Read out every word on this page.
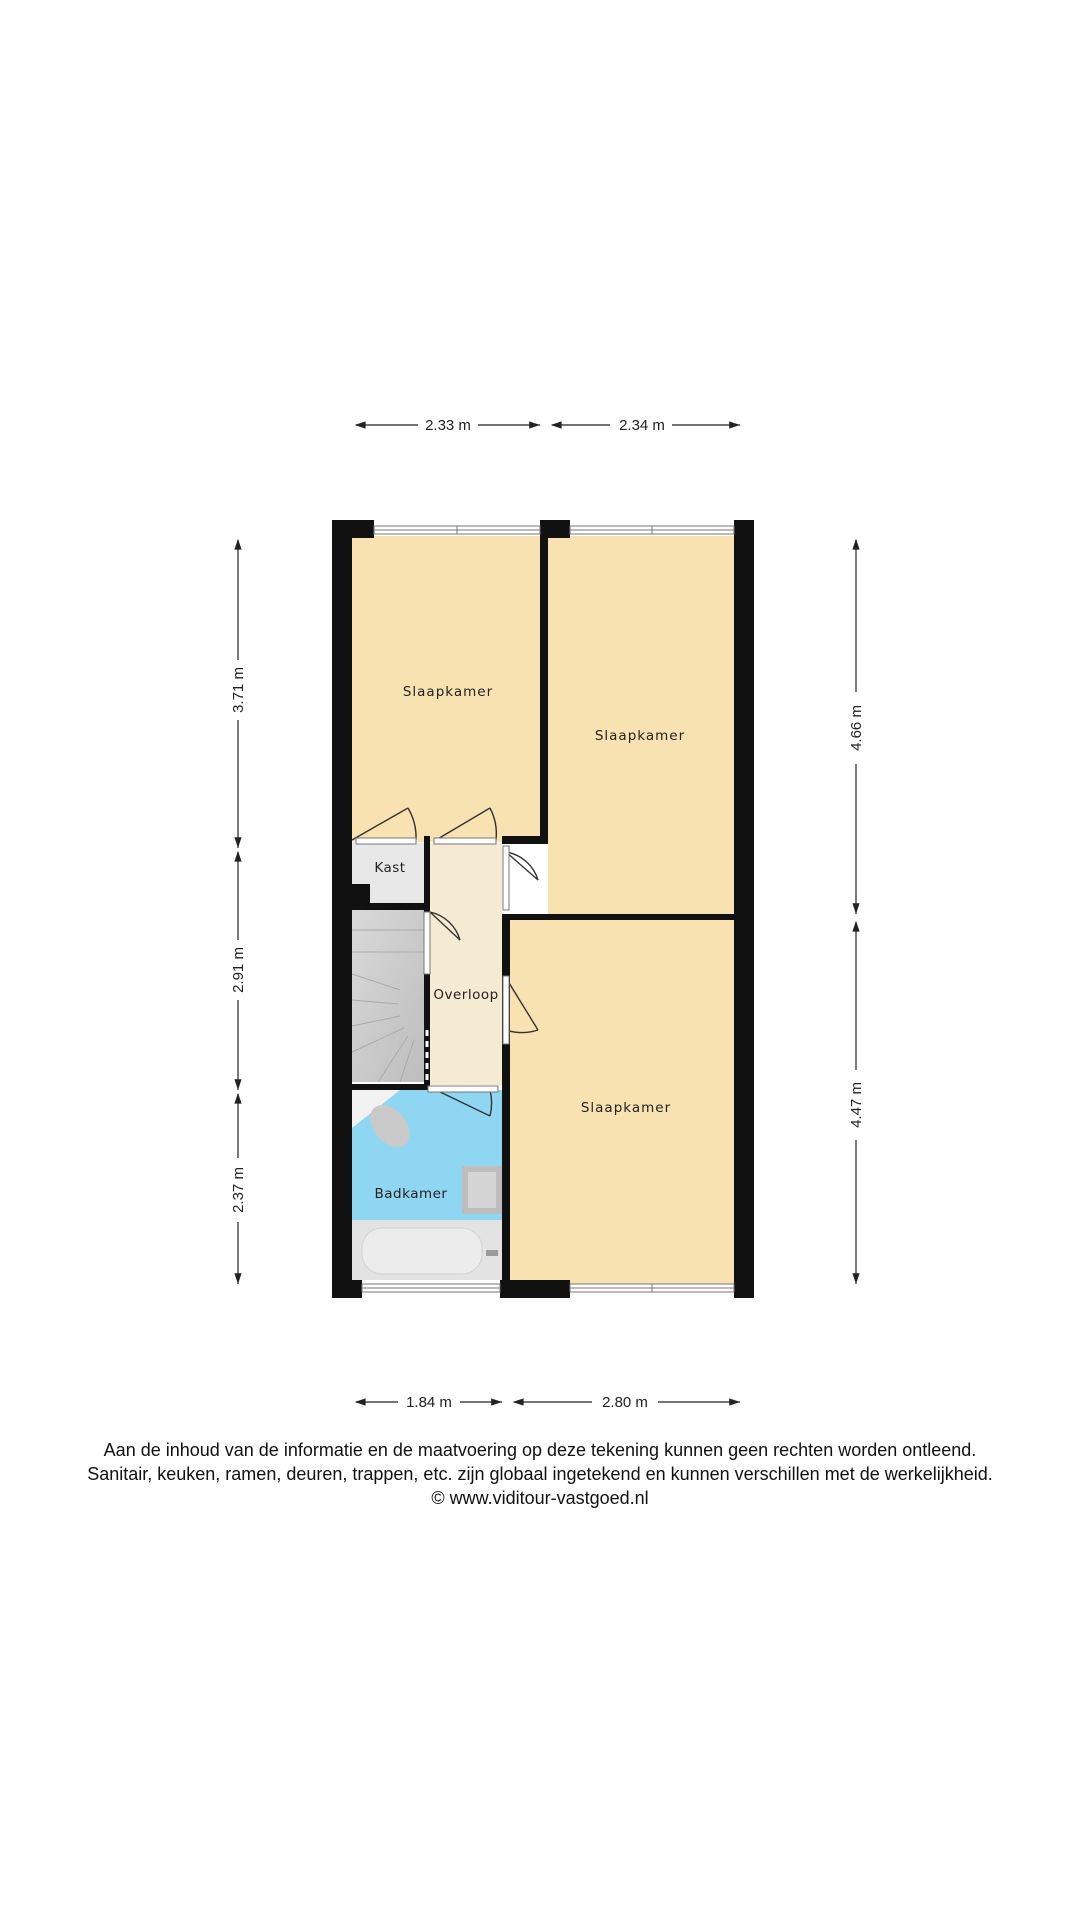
Slaapkamer
Slaapkamer
Slaapkamer
Kast
Overloop
Badkamer
2.33 m	2.34 m
1.84 m	2.80 m
3.71 m
2.91 m
2.37 m
4.66 m
4.47 m
Aan de inhoud van de informatie en de maatvoering op deze tekening kunnen geen rechten worden ontleend.
Sanitair, keuken, ramen, deuren, trappen, etc. zijn globaal ingetekend en kunnen verschillen met de werkelijkheid.
© www.viditour-vastgoed.nl
